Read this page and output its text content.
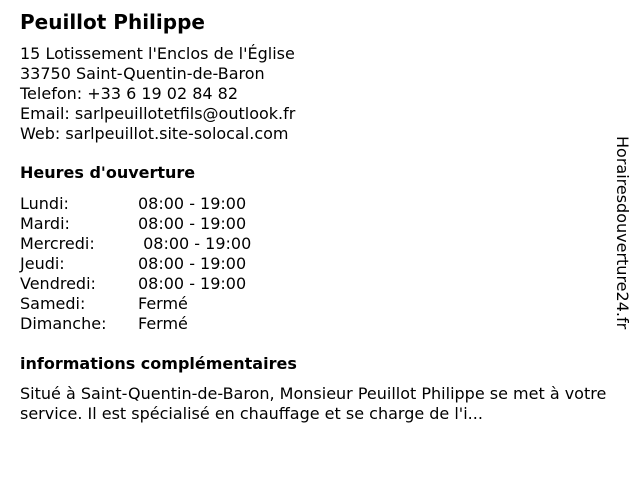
Peuillot Philippe
15 Lotissement l'Enclos de l'Église
33750 Saint-Quentin-de-Baron
Telefon: +33 6 19 02 84 82
Email: sarlpeuillotetfils@outlook.fr
Web: sarlpeuillot.site-solocal.com
Heures d'ouverture
Lundi:	08:00 - 19:00
Mardi:	08:00 - 19:00
Mercredi:	08:00 - 19:00
Jeudi:	08:00 - 19:00
Vendredi:	08:00 - 19:00
Samedi:	Fermé
Dimanche:	Fermé
informations complémentaires
Situé à Saint-Quentin-de-Baron, Monsieur Peuillot Philippe se met à votre service. Il est spécialisé en chauffage et se charge de l'i...
Horairesdouverture24.fr
